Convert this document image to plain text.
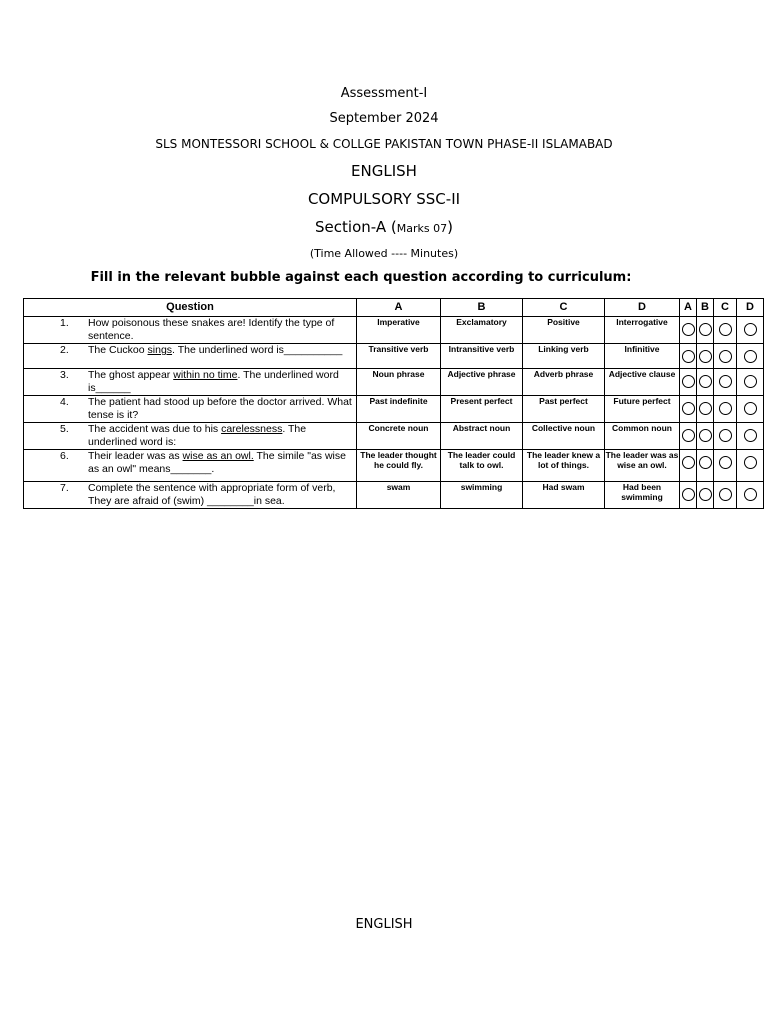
Assessment-I
September 2024
SLS MONTESSORI SCHOOL & COLLGE PAKISTAN TOWN PHASE-II ISLAMABAD
ENGLISH
COMPULSORY SSC-II
Section-A (Marks 07)
(Time Allowed ---- Minutes)
Fill in the relevant bubble against each question according to curriculum:
Question	A	B	C	D	A	B	C	D

1. How poisonous these snakes are! Identify the type of sentence.	Imperative	Exclamatory	Positive	Interrogative				

2. The Cuckoo sings. The underlined word is__________	Transitive verb	Intransitive verb	Linking verb	Infinitive				

3. The ghost appear within no time. The underlined word is______	Noun phrase	Adjective phrase	Adverb phrase	Adjective clause				

4. The patient had stood up before the doctor arrived. What tense is it?	Past indefinite	Present perfect	Past perfect	Future perfect				

5. The accident was due to his carelessness. The underlined word is:	Concrete noun	Abstract noun	Collective noun	Common noun				

6. Their leader was as wise as an owl. The simile "as wise as an owl" means_______.	The leader thought he could fly.	The leader could talk to owl.	The leader knew a lot of things.	The leader was as wise an owl.				

7. Complete the sentence with appropriate form of verb, They are afraid of (swim) ________in sea.	swam	swimming	Had swam	Had been swimming				
ENGLISH
